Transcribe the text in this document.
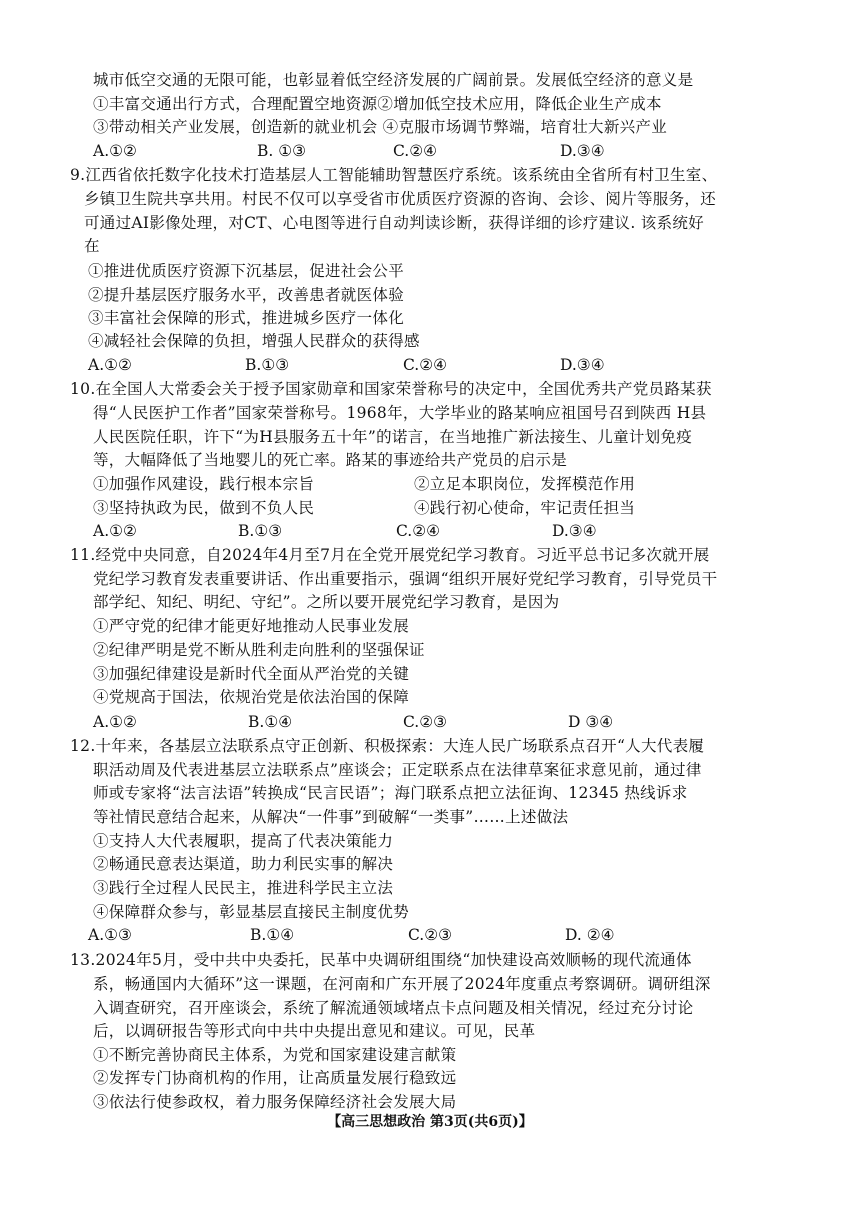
城市低空交通的无限可能，也彰显着低空经济发展的广阔前景。发展低空经济的意义是
①丰富交通出行方式，合理配置空地资源②增加低空技术应用，降低企业生产成本
③带动相关产业发展，创造新的就业机会 ④克服市场调节弊端，培育壮大新兴产业
A.①②	B. ①③	C.②④	D.③④
9.江西省依托数字化技术打造基层人工智能辅助智慧医疗系统。该系统由全省所有村卫生室、
乡镇卫生院共享共用。村民不仅可以享受省市优质医疗资源的咨询、会诊、阅片等服务，还
可通过AI影像处理，对CT、心电图等进行自动判读诊断，获得详细的诊疗建议. 该系统好
在
①推进优质医疗资源下沉基层，促进社会公平
②提升基层医疗服务水平，改善患者就医体验
③丰富社会保障的形式，推进城乡医疗一体化
④减轻社会保障的负担，增强人民群众的获得感
A.①②	B.①③	C.②④	D.③④
10.在全国人大常委会关于授予国家勋章和国家荣誉称号的决定中，全国优秀共产党员路某获
得“人民医护工作者”国家荣誉称号。1968年，大学毕业的路某响应祖国号召到陕西 H县
人民医院任职，许下“为H县服务五十年”的诺言，在当地推广新法接生、儿童计划免疫
等，大幅降低了当地婴儿的死亡率。路某的事迹给共产党员的启示是
①加强作风建设，践行根本宗旨	②立足本职岗位，发挥模范作用
③坚持执政为民，做到不负人民	④践行初心使命，牢记责任担当
A.①②	B.①③	C.②④	D.③④
11.经党中央同意，自2024年4月至7月在全党开展党纪学习教育。习近平总书记多次就开展
党纪学习教育发表重要讲话、作出重要指示，强调“组织开展好党纪学习教育，引导党员干
部学纪、知纪、明纪、守纪”。之所以要开展党纪学习教育，是因为
①严守党的纪律才能更好地推动人民事业发展
②纪律严明是党不断从胜利走向胜利的坚强保证
③加强纪律建设是新时代全面从严治党的关键
④党规高于国法，依规治党是依法治国的保障
A.①②	B.①④	C.②③	D ③④
12.十年来，各基层立法联系点守正创新、积极探索：大连人民广场联系点召开“人大代表履
职活动周及代表进基层立法联系点”座谈会；正定联系点在法律草案征求意见前，通过律
师或专家将“法言法语”转换成“民言民语”；海门联系点把立法征询、12345 热线诉求
等社情民意结合起来，从解决“一件事”到破解“一类事”……上述做法
①支持人大代表履职，提高了代表决策能力
②畅通民意表达渠道，助力利民实事的解决
③践行全过程人民民主，推进科学民主立法
④保障群众参与，彰显基层直接民主制度优势
A.①③	B.①④	C.②③	D. ②④
13.2024年5月，受中共中央委托，民革中央调研组围绕“加快建设高效顺畅的现代流通体
系，畅通国内大循环”这一课题，在河南和广东开展了2024年度重点考察调研。调研组深
入调查研究，召开座谈会，系统了解流通领域堵点卡点问题及相关情况，经过充分讨论
后，以调研报告等形式向中共中央提出意见和建议。可见，民革
①不断完善协商民主体系，为党和国家建设建言献策
②发挥专门协商机构的作用，让高质量发展行稳致远
③依法行使参政权，着力服务保障经济社会发展大局
【高三思想政治 第3页(共6页)】
